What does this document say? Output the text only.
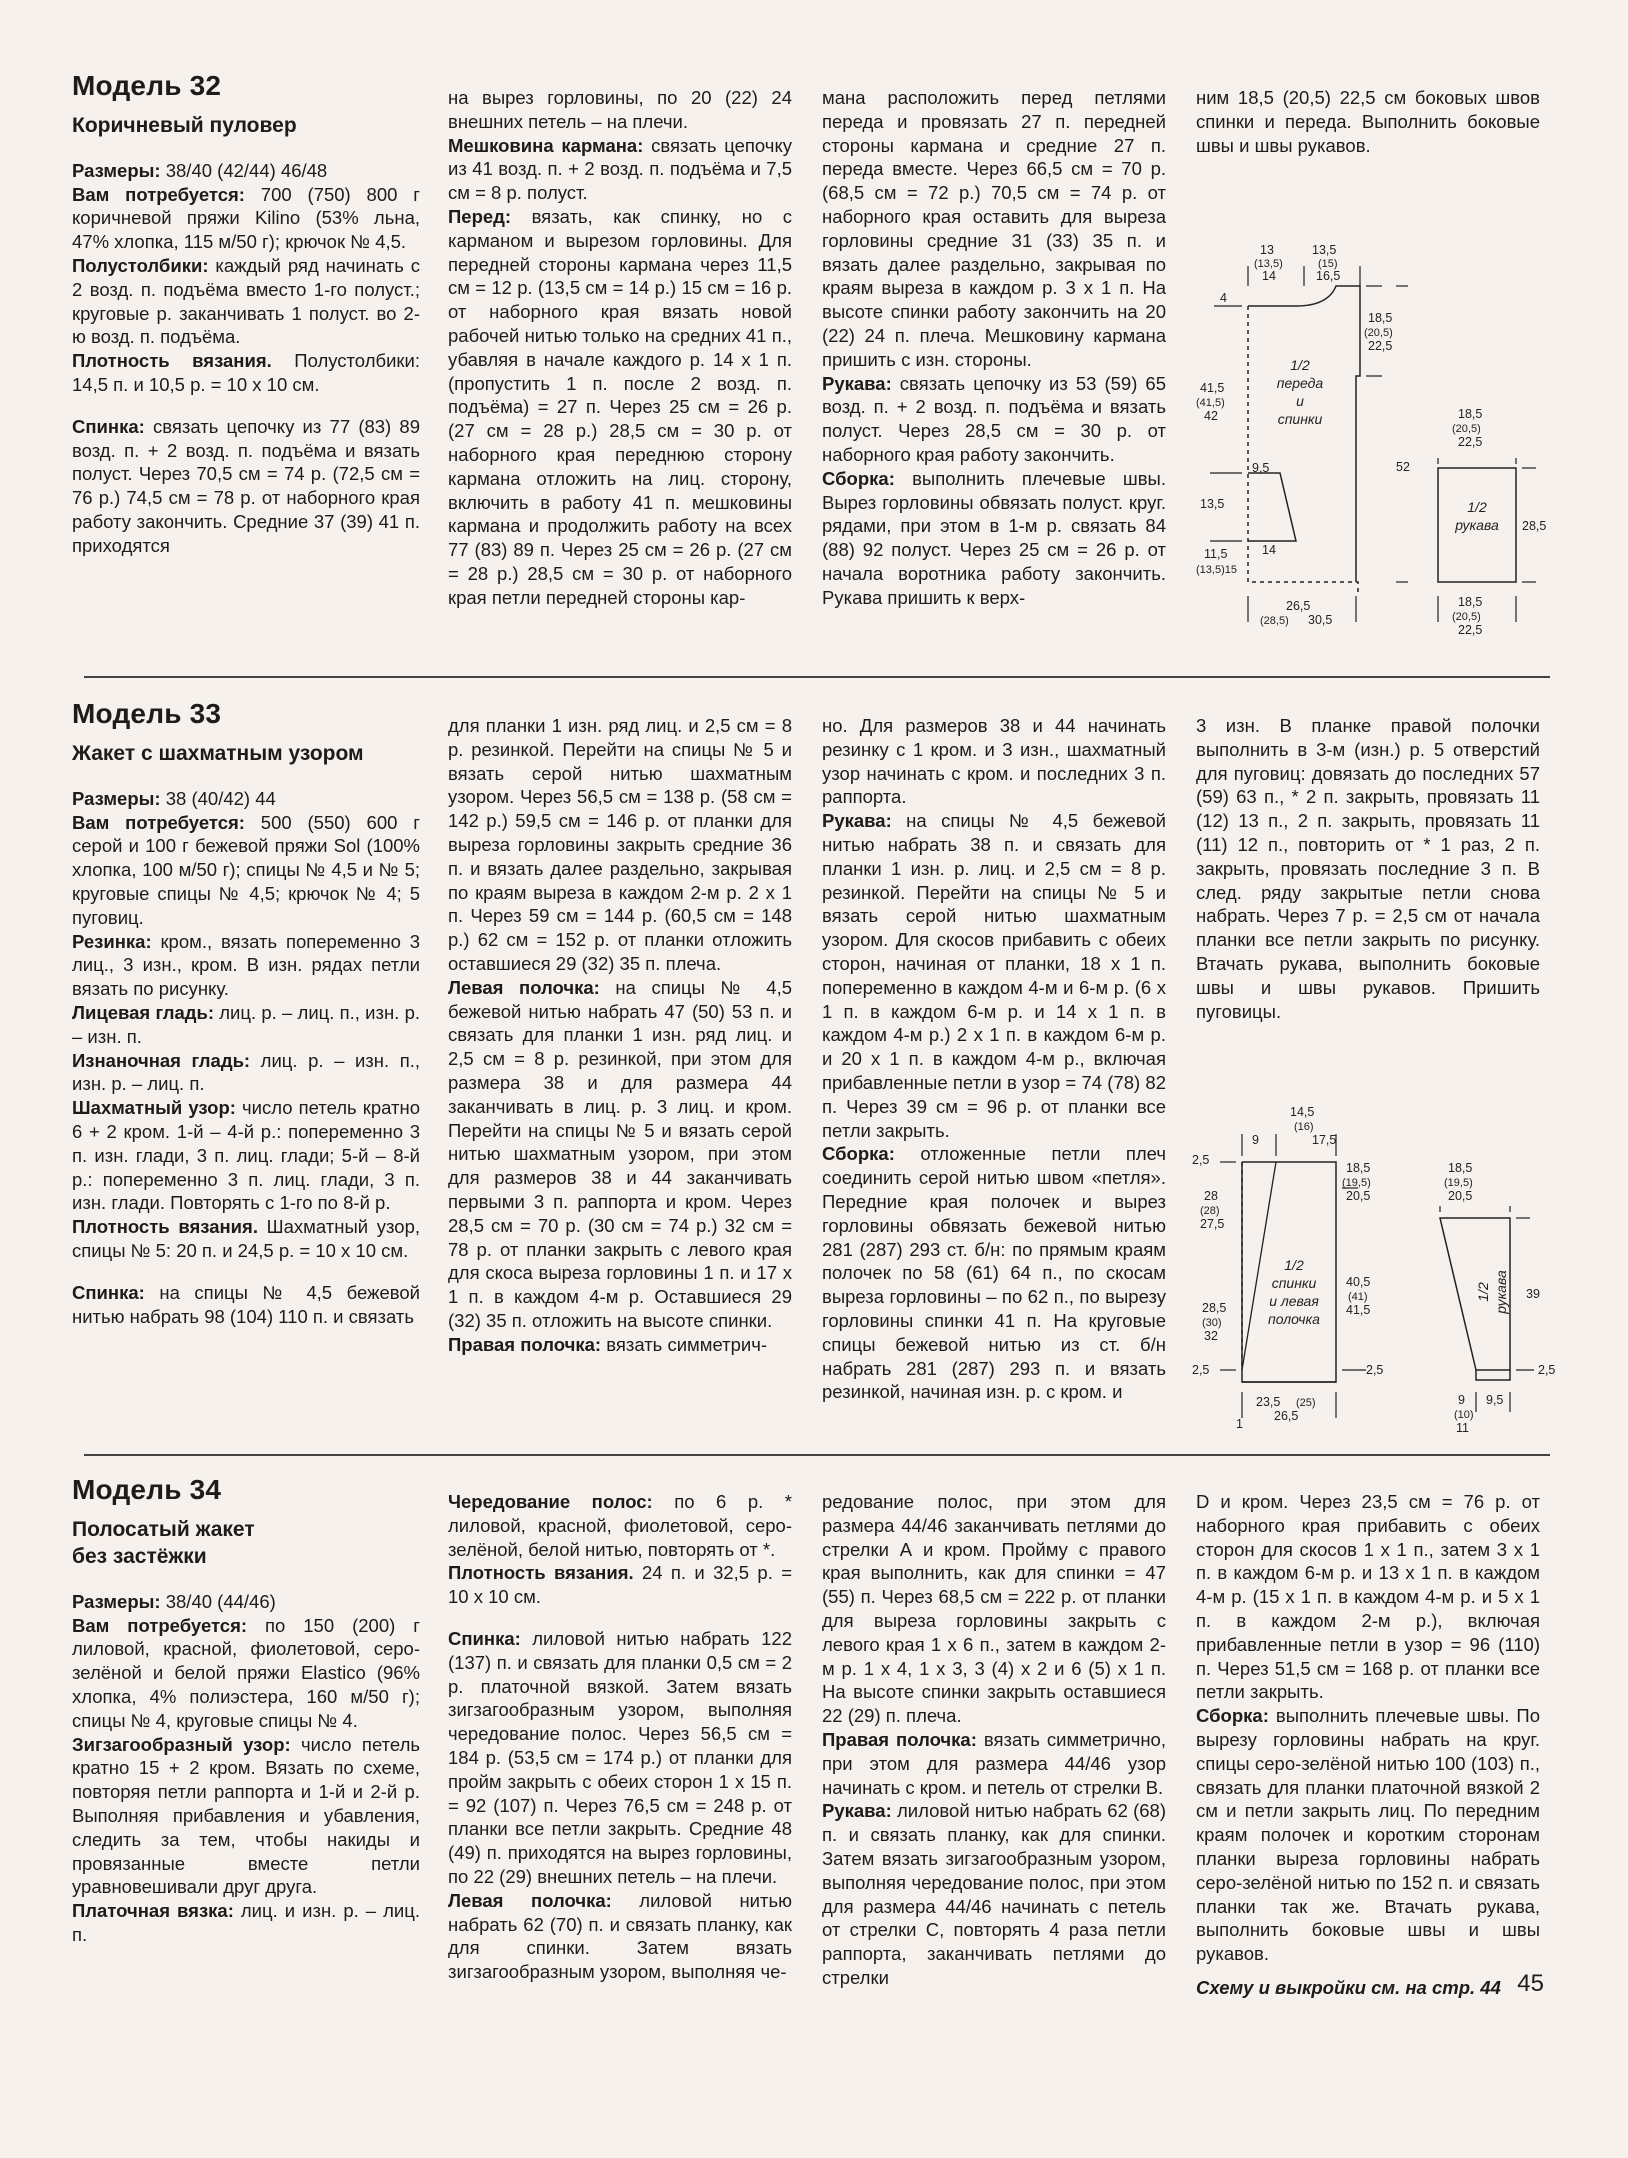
Модель 32
Коричневый пуловер

Размеры: 38/40 (42/44) 46/48

Вам потребуется: 700 (750) 800 г коричневой пряжи Kilino (53% льна, 47% хлопка, 115 м/50 г); крючок № 4,5.

Полустолбики: каждый ряд начинать с 2 возд. п. подъёма вместо 1-го полуст.; круговые р. заканчивать 1 полуст. во 2-ю возд. п. подъёма.

Плотность вязания. Полустолбики: 14,5 п. и 10,5 р. = 10 х 10 см.

Спинка: связать цепочку из 77 (83) 89 возд. п. + 2 возд. п. подъёма и вязать полуст. Через 70,5 см = 74 р. (72,5 см = 76 р.) 74,5 см = 78 р. от наборного края работу закончить. Средние 37 (39) 41 п. приходятся

на вырез горловины, по 20 (22) 24 внешних петель – на плечи.

Мешковина кармана: связать цепочку из 41 возд. п. + 2 возд. п. подъёма и 7,5 см = 8 р. полуст.

Перед: вязать, как спинку, но с карманом и вырезом горловины. Для передней стороны кармана через 11,5 см = 12 р. (13,5 см = 14 р.) 15 см = 16 р. от наборного края вязать новой рабочей нитью только на средних 41 п., убавляя в начале каждого р. 14 х 1 п. (пропустить 1 п. после 2 возд. п. подъёма) = 27 п. Через 25 см = 26 р. (27 см = 28 р.) 28,5 см = 30 р. от наборного края переднюю сторону кармана отложить на лиц. сторону, включить в работу 41 п. мешковины кармана и продолжить работу на всех 77 (83) 89 п. Через 25 см = 26 р. (27 см = 28 р.) 28,5 см = 30 р. от наборного края петли передней стороны кар-

мана расположить перед петлями переда и провязать 27 п. передней стороны кармана и средние 27 п. переда вместе. Через 66,5 см = 70 р. (68,5 см = 72 р.) 70,5 см = 74 р. от наборного края оставить для выреза горловины средние 31 (33) 35 п. и вязать далее раздельно, закрывая по краям выреза в каждом р. 3 х 1 п. На высоте спинки работу закончить на 20 (22) 24 п. плеча. Мешковину кармана пришить с изн. стороны.

Рукава: связать цепочку из 53 (59) 65 возд. п. + 2 возд. п. подъёма и вязать полуст. Через 28,5 см = 30 р. от наборного края работу закончить.

Сборка: выполнить плечевые швы. Вырез горловины обвязать полуст. круг. рядами, при этом в 1-м р. связать 84 (88) 92 полуст. Через 25 см = 26 р. от начала воротника работу закончить. Рукава пришить к верх-

ним 18,5 (20,5) 22,5 см боковых швов спинки и переда. Выполнить боковые швы и швы рукавов.

13
(13,5)
14
13,5
(15)
16,5
4
18,5
(20,5)
22,5
41,5
(41,5)
42
52
9,5
13,5
14
11,5
(13,5)15
26,5
(28,5) 30,5
18,5
(20,5)
22,5
28,5
18,5
(20,5)
22,5
1/2
переда
и
спинки
1/2
рукава
Модель 33
Жакет с шахматным узором

Размеры: 38 (40/42) 44

Вам потребуется: 500 (550) 600 г серой и 100 г бежевой пряжи Sol (100% хлопка, 100 м/50 г); спицы № 4,5 и № 5; круговые спицы № 4,5; крючок № 4; 5 пуговиц.

Резинка: кром., вязать попеременно 3 лиц., 3 изн., кром. В изн. рядах петли вязать по рисунку.

Лицевая гладь: лиц. р. – лиц. п., изн. р. – изн. п.

Изнаночная гладь: лиц. р. – изн. п., изн. р. – лиц. п.

Шахматный узор: число петель кратно 6 + 2 кром. 1-й – 4-й р.: попеременно 3 п. изн. глади, 3 п. лиц. глади; 5-й – 8-й р.: попеременно 3 п. лиц. глади, 3 п. изн. глади. Повторять с 1-го по 8-й р.

Плотность вязания. Шахматный узор, спицы № 5: 20 п. и 24,5 р. = 10 х 10 см.

Спинка: на спицы № 4,5 бежевой нитью набрать 98 (104) 110 п. и связать

для планки 1 изн. ряд лиц. и 2,5 см = 8 р. резинкой. Перейти на спицы № 5 и вязать серой нитью шахматным узором. Через 56,5 см = 138 р. (58 см = 142 р.) 59,5 см = 146 р. от планки для выреза горловины закрыть средние 36 п. и вязать далее раздельно, закрывая по краям выреза в каждом 2-м р. 2 х 1 п. Через 59 см = 144 р. (60,5 см = 148 р.) 62 см = 152 р. от планки отложить оставшиеся 29 (32) 35 п. плеча.

Левая полочка: на спицы № 4,5 бежевой нитью набрать 47 (50) 53 п. и связать для планки 1 изн. ряд лиц. и 2,5 см = 8 р. резинкой, при этом для размера 38 и для размера 44 заканчивать в лиц. р. 3 лиц. и кром. Перейти на спицы № 5 и вязать серой нитью шахматным узором, при этом для размеров 38 и 44 заканчивать первыми 3 п. раппорта и кром. Через 28,5 см = 70 р. (30 см = 74 р.) 32 см = 78 р. от планки закрыть с левого края для скоса выреза горловины 1 п. и 17 х 1 п. в каждом 4-м р. Оставшиеся 29 (32) 35 п. отложить на высоте спинки.

Правая полочка: вязать симметрич-

но. Для размеров 38 и 44 начинать резинку с 1 кром. и 3 изн., шахматный узор начинать с кром. и последних 3 п. раппорта.

Рукава: на спицы № 4,5 бежевой нитью набрать 38 п. и связать для планки 1 изн. р. лиц. и 2,5 см = 8 р. резинкой. Перейти на спицы № 5 и вязать серой нитью шахматным узором. Для скосов прибавить с обеих сторон, начиная от планки, 18 х 1 п. попеременно в каждом 4-м и 6-м р. (6 х 1 п. в каждом 6-м р. и 14 х 1 п. в каждом 4-м р.) 2 х 1 п. в каждом 6-м р. и 20 х 1 п. в каждом 4-м р., включая прибавленные петли в узор = 74 (78) 82 п. Через 39 см = 96 р. от планки все петли закрыть.

Сборка: отложенные петли плеч соединить серой нитью швом «петля». Передние края полочек и вырез горловины обвязать бежевой нитью 281 (287) 293 ст. б/н: по прямым краям полочек по 58 (61) 64 п., по скосам выреза горловины – по 62 п., по вырезу горловины спинки 41 п. На круговые спицы бежевой нитью из ст. б/н набрать 281 (287) 293 п. и вязать резинкой, начиная изн. р. с кром. и

3 изн. В планке правой полочки выполнить в 3-м (изн.) р. 5 отверстий для пуговиц: довязать до последних 57 (59) 63 п., * 2 п. закрыть, провязать 11 (12) 13 п., 2 п. закрыть, провязать 11 (11) 12 п., повторить от * 1 раз, 2 п. закрыть, провязать последние 3 п. В след. ряду закрытые петли снова набрать. Через 7 р. = 2,5 см от начала планки все петли закрыть по рисунку. Втачать рукава, выполнить боковые швы и швы рукавов. Пришить пуговицы.

14,5
(16)
17,5
9
2,5
28
(28)
27,5
18,5
(19,5)
20,5
40,5
(41)
41,5
28,5
(30)
32
2,5	2,5
23,5 (25)
26,5
1
18,5
(19,5)
20,5
39
9
(10)
11
9,5
2,5
1/2
спинки
и левая
полочка
1/2 рукава
Модель 34
Полосатый жакет без застёжки

Размеры: 38/40 (44/46)

Вам потребуется: по 150 (200) г лиловой, красной, фиолетовой, серо-зелёной и белой пряжи Elastico (96% хлопка, 4% полиэстера, 160 м/50 г); спицы № 4, круговые спицы № 4.

Зигзагообразный узор: число петель кратно 15 + 2 кром. Вязать по схеме, повторяя петли раппорта и 1-й и 2-й р. Выполняя прибавления и убавления, следить за тем, чтобы накиды и провязанные вместе петли уравновешивали друг друга.

Платочная вязка: лиц. и изн. р. – лиц. п.

Чередование полос: по 6 р. * лиловой, красной, фиолетовой, серо-зелёной, белой нитью, повторять от *.

Плотность вязания. 24 п. и 32,5 р. = 10 х 10 см.

Спинка: лиловой нитью набрать 122 (137) п. и связать для планки 0,5 см = 2 р. платочной вязкой. Затем вязать зигзагообразным узором, выполняя чередование полос. Через 56,5 см = 184 р. (53,5 см = 174 р.) от планки для пройм закрыть с обеих сторон 1 х 15 п. = 92 (107) п. Через 76,5 см = 248 р. от планки все петли закрыть. Средние 48 (49) п. приходятся на вырез горловины, по 22 (29) внешних петель – на плечи.

Левая полочка: лиловой нитью набрать 62 (70) п. и связать планку, как для спинки. Затем вязать зигзагообразным узором, выполняя че-

редование полос, при этом для размера 44/46 заканчивать петлями до стрелки А и кром. Пройму с правого края выполнить, как для спинки = 47 (55) п. Через 68,5 см = 222 р. от планки для выреза горловины закрыть с левого края 1 х 6 п., затем в каждом 2-м р. 1 х 4, 1 х 3, 3 (4) х 2 и 6 (5) х 1 п. На высоте спинки закрыть оставшиеся 22 (29) п. плеча.

Правая полочка: вязать симметрично, при этом для размера 44/46 узор начинать с кром. и петель от стрелки В.

Рукава: лиловой нитью набрать 62 (68) п. и связать планку, как для спинки. Затем вязать зигзагообразным узором, выполняя чередование полос, при этом для размера 44/46 начинать с петель от стрелки С, повторять 4 раза петли раппорта, заканчивать петлями до стрелки

D и кром. Через 23,5 см = 76 р. от наборного края прибавить с обеих сторон для скосов 1 х 1 п., затем 3 х 1 п. в каждом 6-м р. и 13 х 1 п. в каждом 4-м р. (15 х 1 п. в каждом 4-м р. и 5 х 1 п. в каждом 2-м р.), включая прибавленные петли в узор = 96 (110) п. Через 51,5 см = 168 р. от планки все петли закрыть.

Сборка: выполнить плечевые швы. По вырезу горловины набрать на круг. спицы серо-зелёной нитью 100 (103) п., связать для планки платочной вязкой 2 см и петли закрыть лиц. По передним краям полочек и коротким сторонам планки выреза горловины набрать серо-зелёной нитью по 152 п. и связать планки так же. Втачать рукава, выполнить боковые швы и швы рукавов.

Схему и выкройки см. на стр. 44 45
